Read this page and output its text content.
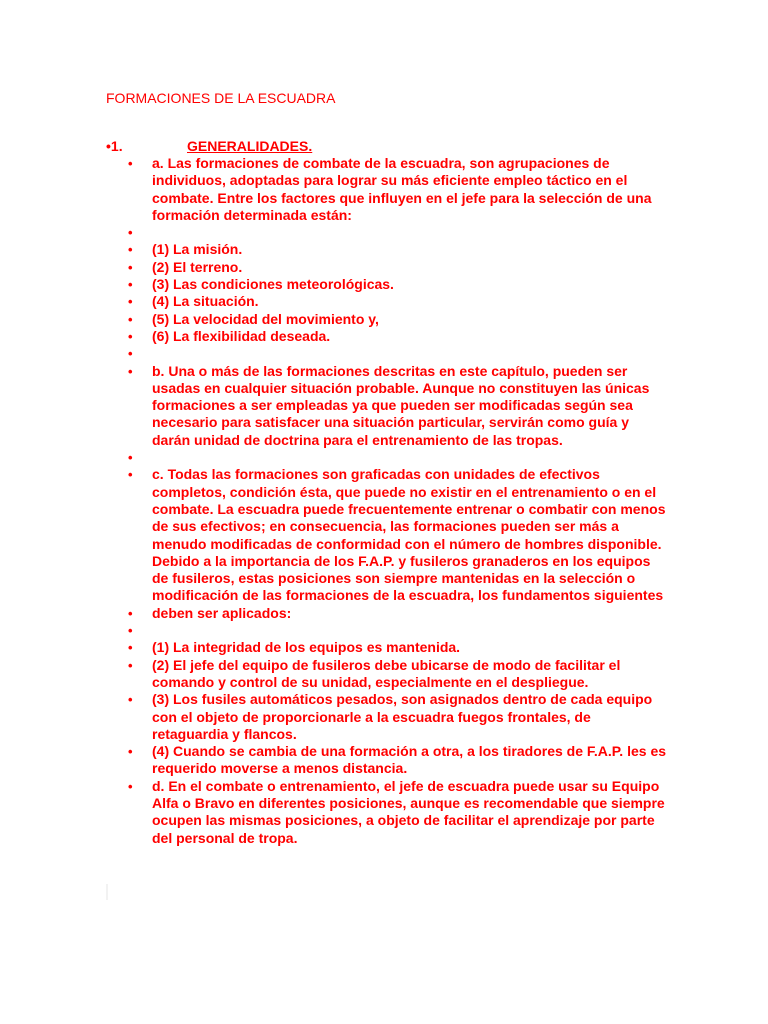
FORMACIONES DE LA ESCUADRA
•1.	GENERALIDADES.
• a. Las formaciones de combate de la escuadra, son agrupaciones de individuos, adoptadas para lograr su más eficiente empleo táctico en el combate. Entre los factores que influyen en el jefe para la selección de una formación determinada están:
•
• (1) La misión.
• (2) El terreno.
• (3) Las condiciones meteorológicas.
• (4) La situación.
• (5) La velocidad del movimiento y,
• (6) La flexibilidad deseada.
•
• b. Una o más de las formaciones descritas en este capítulo, pueden ser usadas en cualquier situación probable. Aunque no constituyen las únicas formaciones a ser empleadas ya que pueden ser modificadas según sea necesario para satisfacer una situación particular, servirán como guía y darán unidad de doctrina para el entrenamiento de las tropas.
•
• c. Todas las formaciones son graficadas con unidades de efectivos completos, condición ésta, que puede no existir en el entrenamiento o en el combate. La escuadra puede frecuentemente entrenar o combatir con menos de sus efectivos; en consecuencia, las formaciones pueden ser más a menudo modificadas de conformidad con el número de hombres disponible. Debido a la importancia de los F.A.P. y fusileros granaderos en los equipos de fusileros, estas posiciones son siempre mantenidas en la selección o modificación de las formaciones de la escuadra, los fundamentos siguientes
• deben ser aplicados:
•
• (1) La integridad de los equipos es mantenida.
• (2) El jefe del equipo de fusileros debe ubicarse de modo de facilitar el comando y control de su unidad, especialmente en el despliegue.
• (3) Los fusiles automáticos pesados, son asignados dentro de cada equipo con el objeto de proporcionarle a la escuadra fuegos frontales, de retaguardia y flancos.
• (4) Cuando se cambia de una formación a otra, a los tiradores de F.A.P. les es requerido moverse a menos distancia.
• d. En el combate o entrenamiento, el jefe de escuadra puede usar su Equipo Alfa o Bravo en diferentes posiciones, aunque es recomendable que siempre ocupen las mismas posiciones, a objeto de facilitar el aprendizaje por parte del personal de tropa.
